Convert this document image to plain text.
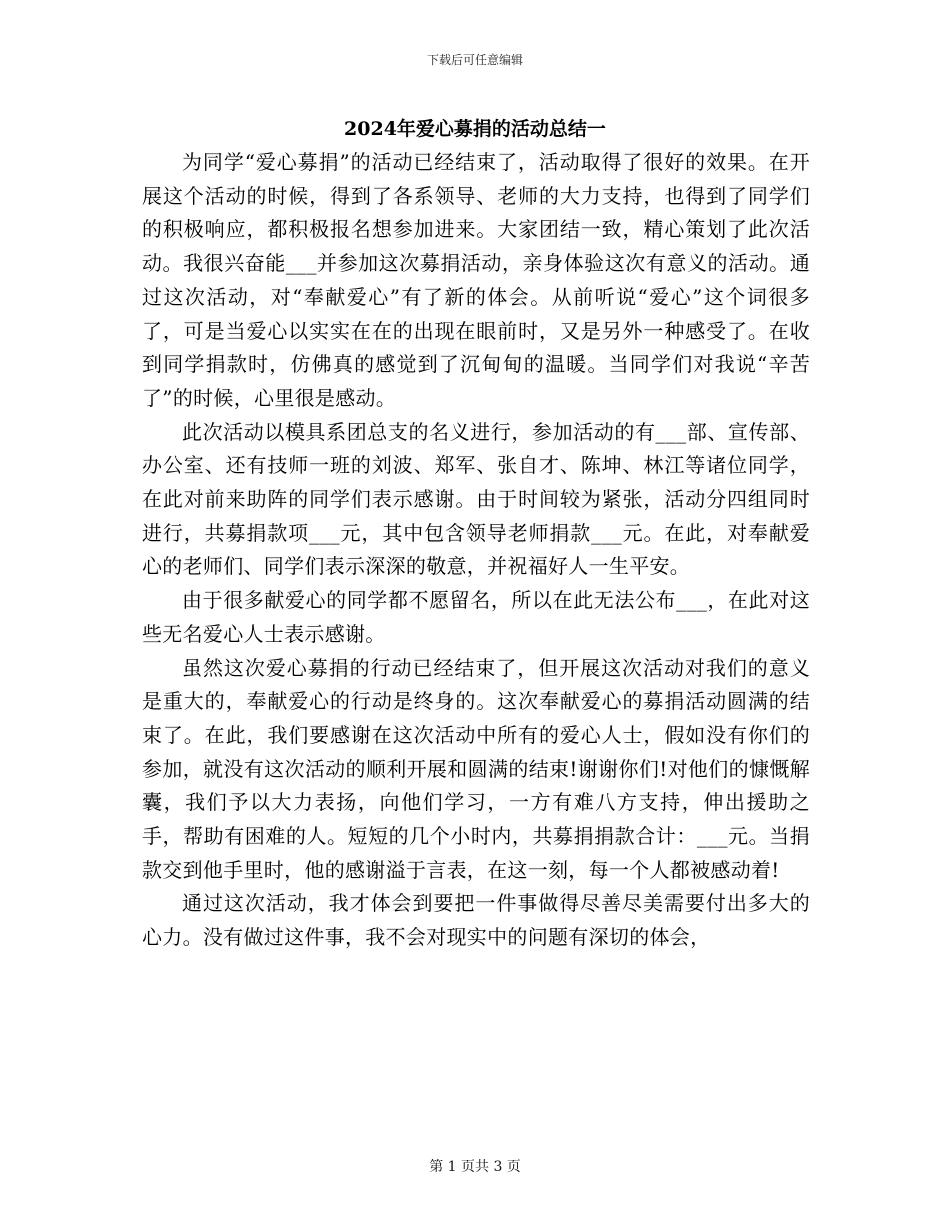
下载后可任意编辑
2024年爱心募捐的活动总结一

为同学“爱心募捐”的活动已经结束了，活动取得了很好的效果。在开展这个活动的时候，得到了各系领导、老师的大力支持，也得到了同学们的积极响应，都积极报名想参加进来。大家团结一致，精心策划了此次活动。我很兴奋能___并参加这次募捐活动，亲身体验这次有意义的活动。通过这次活动，对“奉献爱心”有了新的体会。从前听说“爱心”这个词很多了，可是当爱心以实实在在的出现在眼前时，又是另外一种感受了。在收到同学捐款时，仿佛真的感觉到了沉甸甸的温暖。当同学们对我说“辛苦了”的时候，心里很是感动。

此次活动以模具系团总支的名义进行，参加活动的有___部、宣传部、办公室、还有技师一班的刘波、郑军、张自才、陈坤、林江等诸位同学，在此对前来助阵的同学们表示感谢。由于时间较为紧张，活动分四组同时进行，共募捐款项___元，其中包含领导老师捐款___元。在此，对奉献爱心的老师们、同学们表示深深的敬意，并祝福好人一生平安。

由于很多献爱心的同学都不愿留名，所以在此无法公布___，在此对这些无名爱心人士表示感谢。

虽然这次爱心募捐的行动已经结束了，但开展这次活动对我们的意义是重大的，奉献爱心的行动是终身的。这次奉献爱心的募捐活动圆满的结束了。在此，我们要感谢在这次活动中所有的爱心人士，假如没有你们的参加，就没有这次活动的顺利开展和圆满的结束!谢谢你们!对他们的慷慨解囊，我们予以大力表扬，向他们学习，一方有难八方支持，伸出援助之手，帮助有困难的人。短短的几个小时内，共募捐捐款合计：___元。当捐款交到他手里时，他的感谢溢于言表，在这一刻，每一个人都被感动着!

通过这次活动，我才体会到要把一件事做得尽善尽美需要付出多大的心力。没有做过这件事，我不会对现实中的问题有深切的体会，

第 1 页共 3 页
